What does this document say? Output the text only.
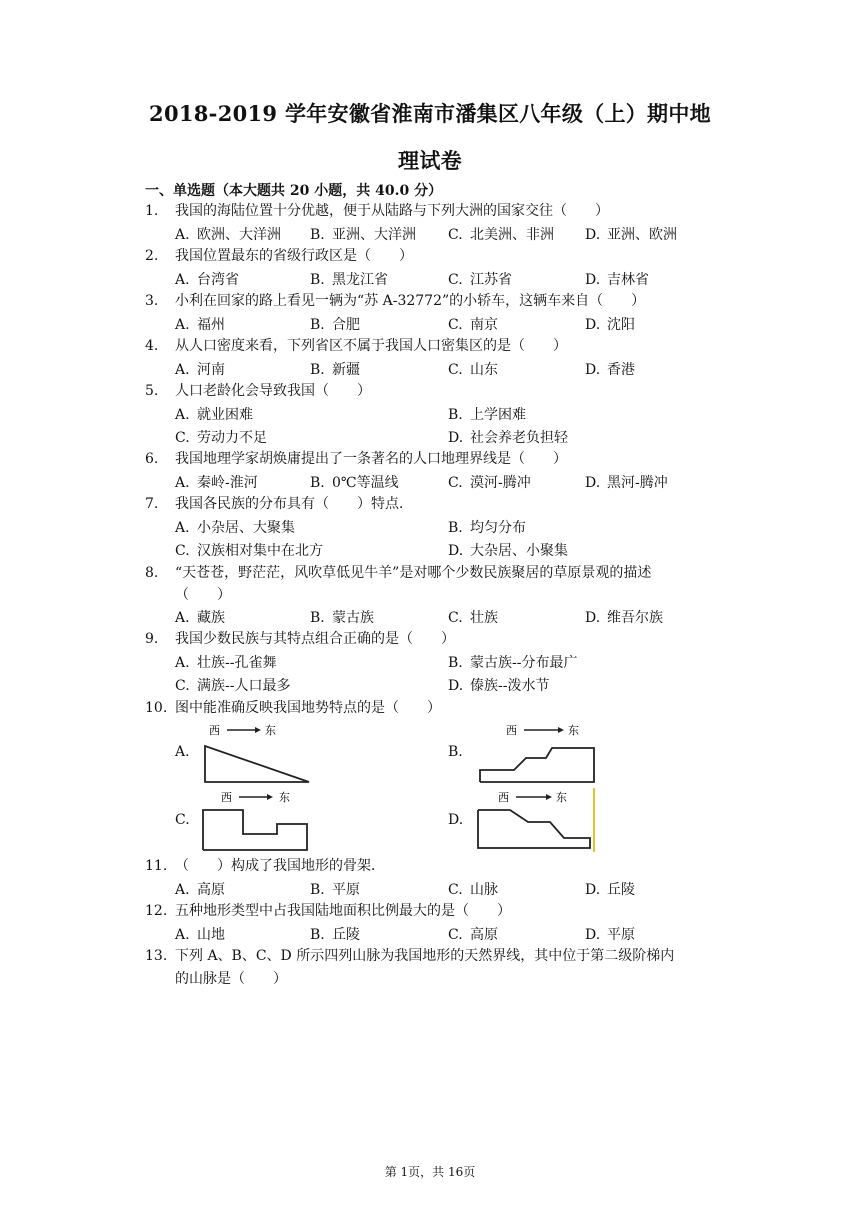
2018-2019 学年安徽省淮南市潘集区八年级（上）期中地
理试卷
一、单选题（本大题共 20 小题，共 40.0 分）
1. 我国的海陆位置十分优越，便于从陆路与下列大洲的国家交往（　　）
A. 欧洲、大洋洲 B. 亚洲、大洋洲 C. 北美洲、非洲 D. 亚洲、欧洲
2. 我国位置最东的省级行政区是（　　）
A. 台湾省	B. 黑龙江省	C. 江苏省	D. 吉林省
3. 小利在回家的路上看见一辆为“苏 A-32772”的小轿车，这辆车来自（　　）
A. 福州	B. 合肥	C. 南京	D. 沈阳
4. 从人口密度来看，下列省区不属于我国人口密集区的是（　　）
A. 河南	B. 新疆	C. 山东	D. 香港
5. 人口老龄化会导致我国（　　）
A. 就业困难	B. 上学困难
C. 劳动力不足	D. 社会养老负担轻
6. 我国地理学家胡焕庸提出了一条著名的人口地理界线是（　　）
A. 秦岭-淮河	B. 0℃等温线	C. 漠河-腾冲	D. 黑河-腾冲
7. 我国各民族的分布具有（　　）特点．
A. 小杂居、大聚集	B. 均匀分布
C. 汉族相对集中在北方	D. 大杂居、小聚集
8. “天苍苍，野茫茫，风吹草低见牛羊”是对哪个少数民族聚居的草原景观的描述
（　　）
A. 藏族	B. 蒙古族	C. 壮族	D. 维吾尔族
9. 我国少数民族与其特点组合正确的是（　　）
A. 壮族--孔雀舞	B. 蒙古族--分布最广
C. 满族--人口最多	D. 傣族--泼水节
10. 图中能准确反映我国地势特点的是（　　）
A.
西	东
B.
西	东
C.
西	东
D.
西	东
11. （　　）构成了我国地形的骨架．
A. 高原	B. 平原	C. 山脉	D. 丘陵
12. 五种地形类型中占我国陆地面积比例最大的是（　　）
A. 山地	B. 丘陵	C. 高原	D. 平原
13. 下列 A、B、C、D 所示四列山脉为我国地形的天然界线，其中位于第二级阶梯内
的山脉是（　　）
第 1页，共 16页
